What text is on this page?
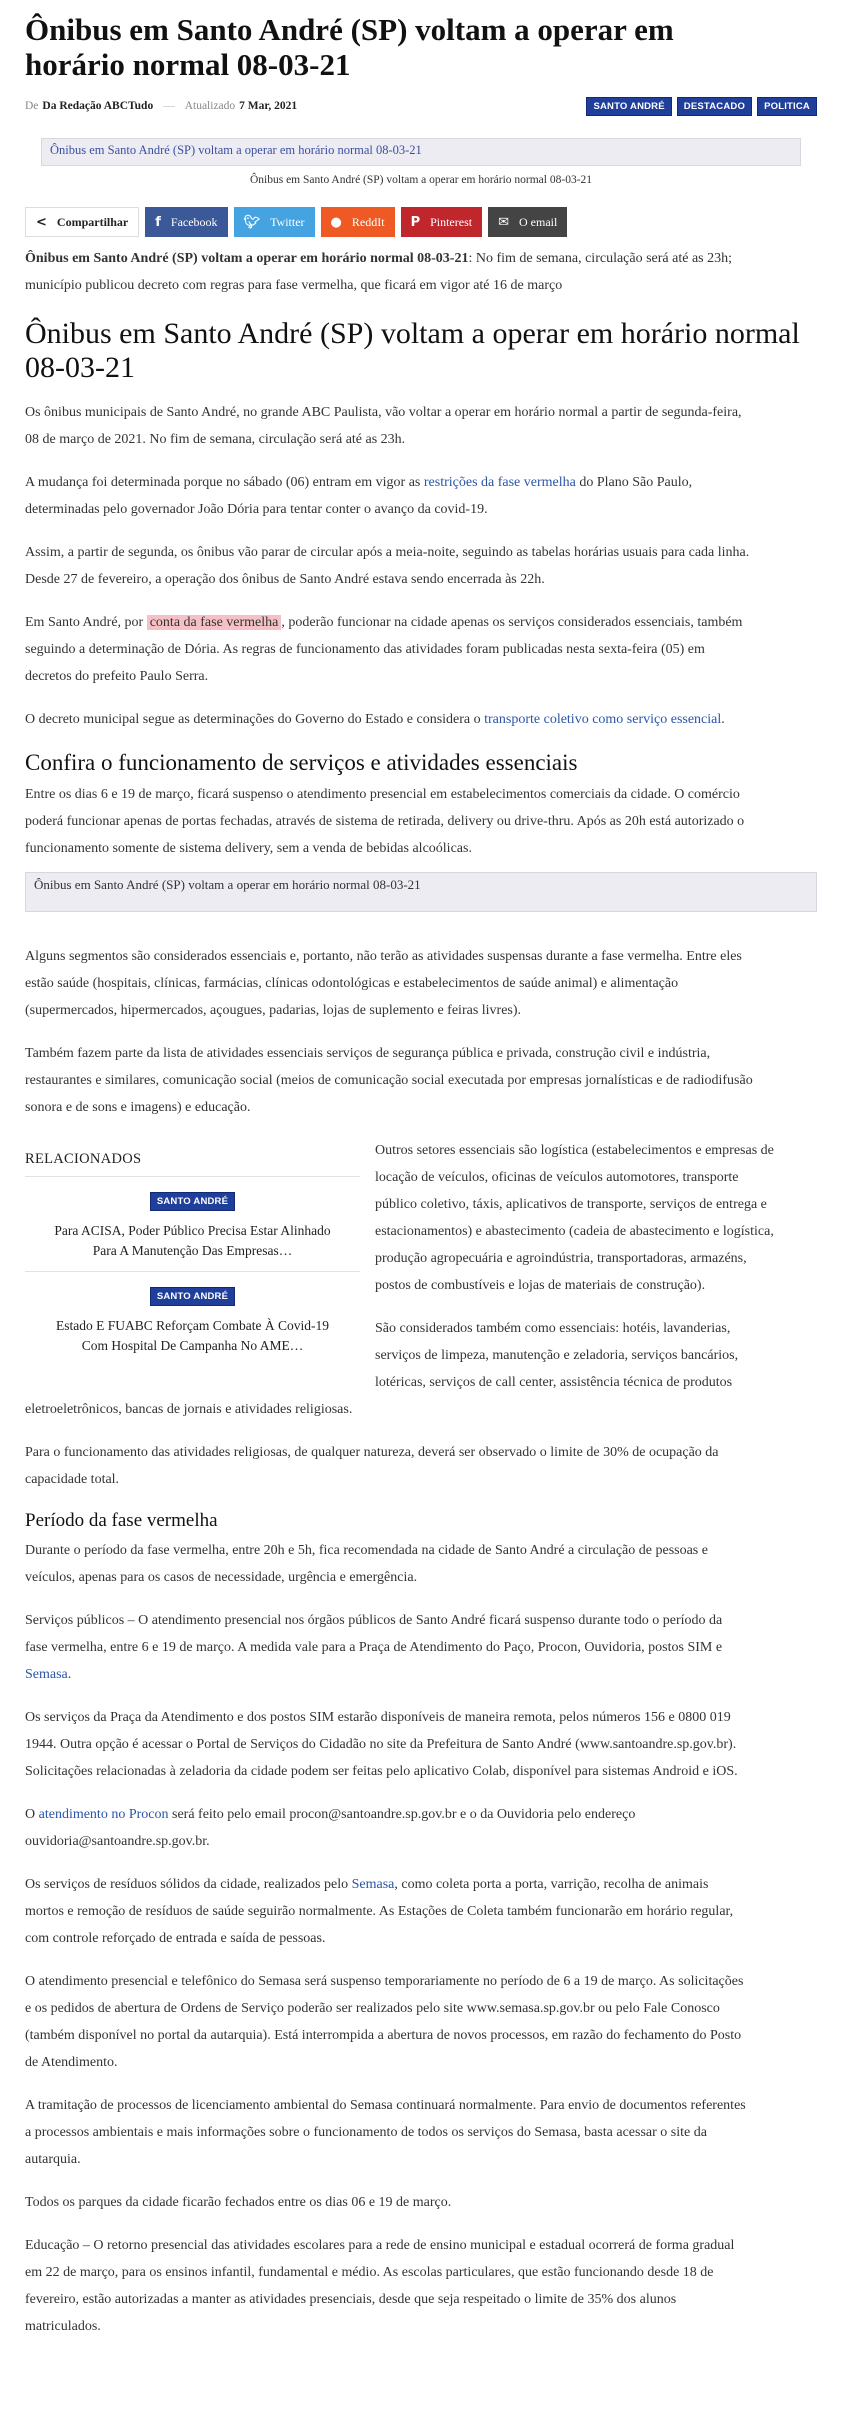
Ônibus em Santo André (SP) voltam a operar em
horário normal 08-03-21
De Da Redação ABCTudo — Atualizado 7 Mar, 2021	SANTO ANDRÉ	DESTACADO	POLITICA
Ônibus em Santo André (SP) voltam a operar em horário normal 08-03-21
Ônibus em Santo André (SP) voltam a operar em horário normal 08-03-21
< Compartilhar f Facebook 🐦︎ Twitter ● ReddIt P Pinterest ✉ O email

Ônibus em Santo André (SP) voltam a operar em horário normal 08-03-21: No fim de semana, circulação será até as 23h;
município publicou decreto com regras para fase vermelha, que ficará em vigor até 16 de março

Ônibus em Santo André (SP) voltam a operar em horário normal
08-03-21

Os ônibus municipais de Santo André, no grande ABC Paulista, vão voltar a operar em horário normal a partir de segunda-feira,
08 de março de 2021. No fim de semana, circulação será até as 23h.

A mudança foi determinada porque no sábado (06) entram em vigor as restrições da fase vermelha do Plano São Paulo,
determinadas pelo governador João Dória para tentar conter o avanço da covid-19.

Assim, a partir de segunda, os ônibus vão parar de circular após a meia-noite, seguindo as tabelas horárias usuais para cada linha.
Desde 27 de fevereiro, a operação dos ônibus de Santo André estava sendo encerrada às 22h.

Em Santo André, por conta da fase vermelha , poderão funcionar na cidade apenas os serviços considerados essenciais, também
seguindo a determinação de Dória. As regras de funcionamento das atividades foram publicadas nesta sexta-feira (05) em
decretos do prefeito Paulo Serra.

O decreto municipal segue as determinações do Governo do Estado e considera o transporte coletivo como serviço essencial.

Confira o funcionamento de serviços e atividades essenciais

Entre os dias 6 e 19 de março, ficará suspenso o atendimento presencial em estabelecimentos comerciais da cidade. O comércio
poderá funcionar apenas de portas fechadas, através de sistema de retirada, delivery ou drive-thru. Após as 20h está autorizado o
funcionamento somente de sistema delivery, sem a venda de bebidas alcoólicas.

Ônibus em Santo André (SP) voltam a operar em horário normal 08-03-21

Alguns segmentos são considerados essenciais e, portanto, não terão as atividades suspensas durante a fase vermelha. Entre eles
estão saúde (hospitais, clínicas, farmácias, clínicas odontológicas e estabelecimentos de saúde animal) e alimentação
(supermercados, hipermercados, açougues, padarias, lojas de suplemento e feiras livres).

Também fazem parte da lista de atividades essenciais serviços de segurança pública e privada, construção civil e indústria,
restaurantes e similares, comunicação social (meios de comunicação social executada por empresas jornalísticas e de radiodifusão
sonora e de sons e imagens) e educação.

RELACIONADOS
SANTO ANDRÉ
Para ACISA, Poder Público Precisa Estar Alinhado
Para A Manutenção Das Empresas…
SANTO ANDRÉ
Estado E FUABC Reforçam Combate À Covid-19
Com Hospital De Campanha No AME…

Outros setores essenciais são logística (estabelecimentos e empresas de
locação de veículos, oficinas de veículos automotores, transporte
público coletivo, táxis, aplicativos de transporte, serviços de entrega e
estacionamentos) e abastecimento (cadeia de abastecimento e logística,
produção agropecuária e agroindústria, transportadoras, armazéns,
postos de combustíveis e lojas de materiais de construção).

São considerados também como essenciais: hotéis, lavanderias,
serviços de limpeza, manutenção e zeladoria, serviços bancários,
lotéricas, serviços de call center, assistência técnica de produtos

eletroeletrônicos, bancas de jornais e atividades religiosas.

Para o funcionamento das atividades religiosas, de qualquer natureza, deverá ser observado o limite de 30% de ocupação da
capacidade total.

Período da fase vermelha

Durante o período da fase vermelha, entre 20h e 5h, fica recomendada na cidade de Santo André a circulação de pessoas e
veículos, apenas para os casos de necessidade, urgência e emergência.

Serviços públicos – O atendimento presencial nos órgãos públicos de Santo André ficará suspenso durante todo o período da
fase vermelha, entre 6 e 19 de março. A medida vale para a Praça de Atendimento do Paço, Procon, Ouvidoria, postos SIM e
Semasa.

Os serviços da Praça da Atendimento e dos postos SIM estarão disponíveis de maneira remota, pelos números 156 e 0800 019
1944. Outra opção é acessar o Portal de Serviços do Cidadão no site da Prefeitura de Santo André (www.santoandre.sp.gov.br).
Solicitações relacionadas à zeladoria da cidade podem ser feitas pelo aplicativo Colab, disponível para sistemas Android e iOS.

O atendimento no Procon será feito pelo email procon@santoandre.sp.gov.br e o da Ouvidoria pelo endereço
ouvidoria@santoandre.sp.gov.br.

Os serviços de resíduos sólidos da cidade, realizados pelo Semasa, como coleta porta a porta, varrição, recolha de animais
mortos e remoção de resíduos de saúde seguirão normalmente. As Estações de Coleta também funcionarão em horário regular,
com controle reforçado de entrada e saída de pessoas.

O atendimento presencial e telefônico do Semasa será suspenso temporariamente no período de 6 a 19 de março. As solicitações
e os pedidos de abertura de Ordens de Serviço poderão ser realizados pelo site www.semasa.sp.gov.br ou pelo Fale Conosco
(também disponível no portal da autarquia). Está interrompida a abertura de novos processos, em razão do fechamento do Posto
de Atendimento.

A tramitação de processos de licenciamento ambiental do Semasa continuará normalmente. Para envio de documentos referentes
a processos ambientais e mais informações sobre o funcionamento de todos os serviços do Semasa, basta acessar o site da
autarquia.

Todos os parques da cidade ficarão fechados entre os dias 06 e 19 de março.

Educação – O retorno presencial das atividades escolares para a rede de ensino municipal e estadual ocorrerá de forma gradual
em 22 de março, para os ensinos infantil, fundamental e médio. As escolas particulares, que estão funcionando desde 18 de
fevereiro, estão autorizadas a manter as atividades presenciais, desde que seja respeitado o limite de 35% dos alunos
matriculados.
